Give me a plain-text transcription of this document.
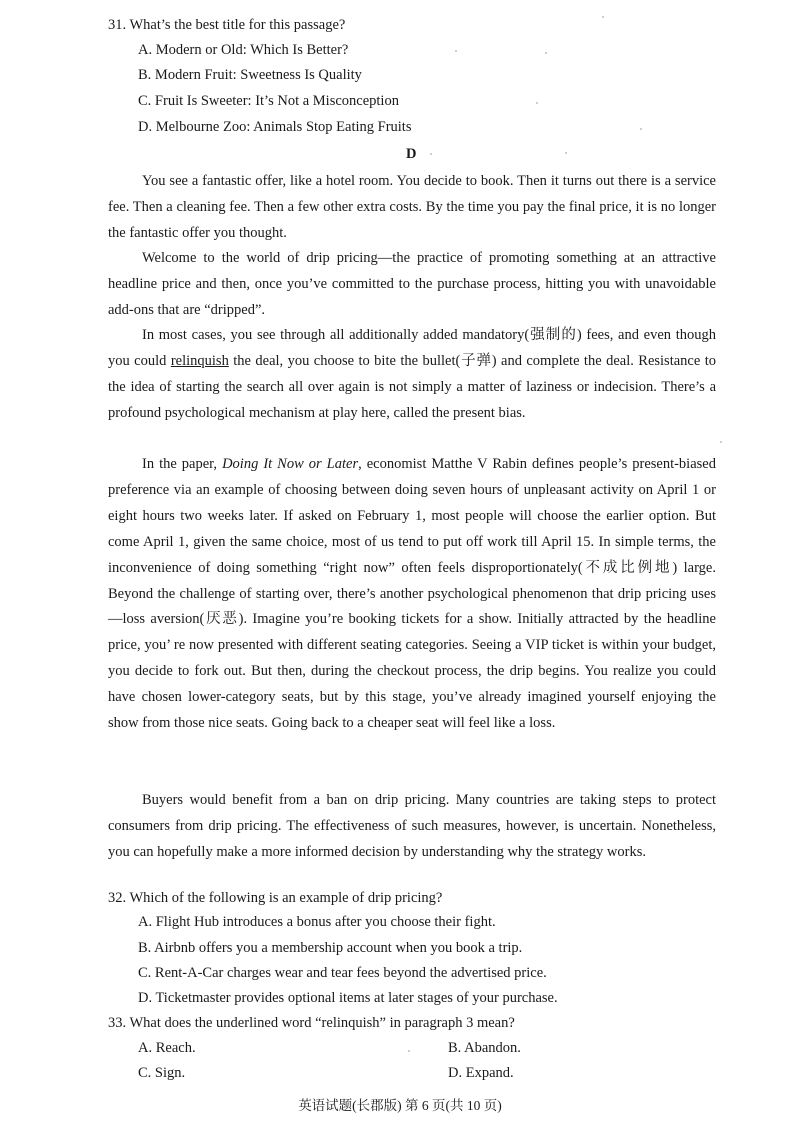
31. What’s the best title for this passage?
A. Modern or Old: Which Is Better?
B. Modern Fruit: Sweetness Is Quality
C. Fruit Is Sweeter: It’s Not a Misconception
D. Melbourne Zoo: Animals Stop Eating Fruits
D

You see a fantastic offer, like a hotel room. You decide to book. Then it turns out there is a service fee. Then a cleaning fee. Then a few other extra costs. By the time you pay the final price, it is no longer the fantastic offer you thought.

Welcome to the world of drip pricing—the practice of promoting something at an attractive headline price and then, once you’ve committed to the purchase process, hitting you with unavoidable add-ons that are “dripped”.

In most cases, you see through all additionally added mandatory(强制的) fees, and even though you could relinquish the deal, you choose to bite the bullet(子弹) and complete the deal. Resistance to the idea of starting the search all over again is not simply a matter of laziness or indecision. There’s a profound psychological mechanism at play here, called the present bias.

In the paper, Doing It Now or Later, economist Matthe V Rabin defines people’s present-biased preference via an example of choosing between doing seven hours of unpleasant activity on April 1 or eight hours two weeks later. If asked on February 1, most people will choose the earlier option. But come April 1, given the same choice, most of us tend to put off work till April 15. In simple terms, the inconvenience of doing something “right now” often feels disproportionately(不成比例地) large. Beyond the challenge of starting over, there’s another psychological phenomenon that drip pricing uses—loss aversion(厌恶). Imagine you’re booking tickets for a show. Initially attracted by the headline price, you’ re now presented with different seating categories. Seeing a VIP ticket is within your budget, you decide to fork out. But then, during the checkout process, the drip begins. You realize you could have chosen lower-category seats, but by this stage, you’ve already imagined yourself enjoying the show from those nice seats. Going back to a cheaper seat will feel like a loss.

Buyers would benefit from a ban on drip pricing. Many countries are taking steps to protect consumers from drip pricing. The effectiveness of such measures, however, is uncertain. Nonetheless, you can hopefully make a more informed decision by understanding why the strategy works.

32. Which of the following is an example of drip pricing?
A. Flight Hub introduces a bonus after you choose their fight.
B. Airbnb offers you a membership account when you book a trip.
C. Rent-A-Car charges wear and tear fees beyond the advertised price.
D. Ticketmaster provides optional items at later stages of your purchase.
33. What does the underlined word “relinquish” in paragraph 3 mean?
A. Reach.	B. Abandon.
C. Sign.	D. Expand.
英语试题(长郡版) 第 6 页(共 10 页)
